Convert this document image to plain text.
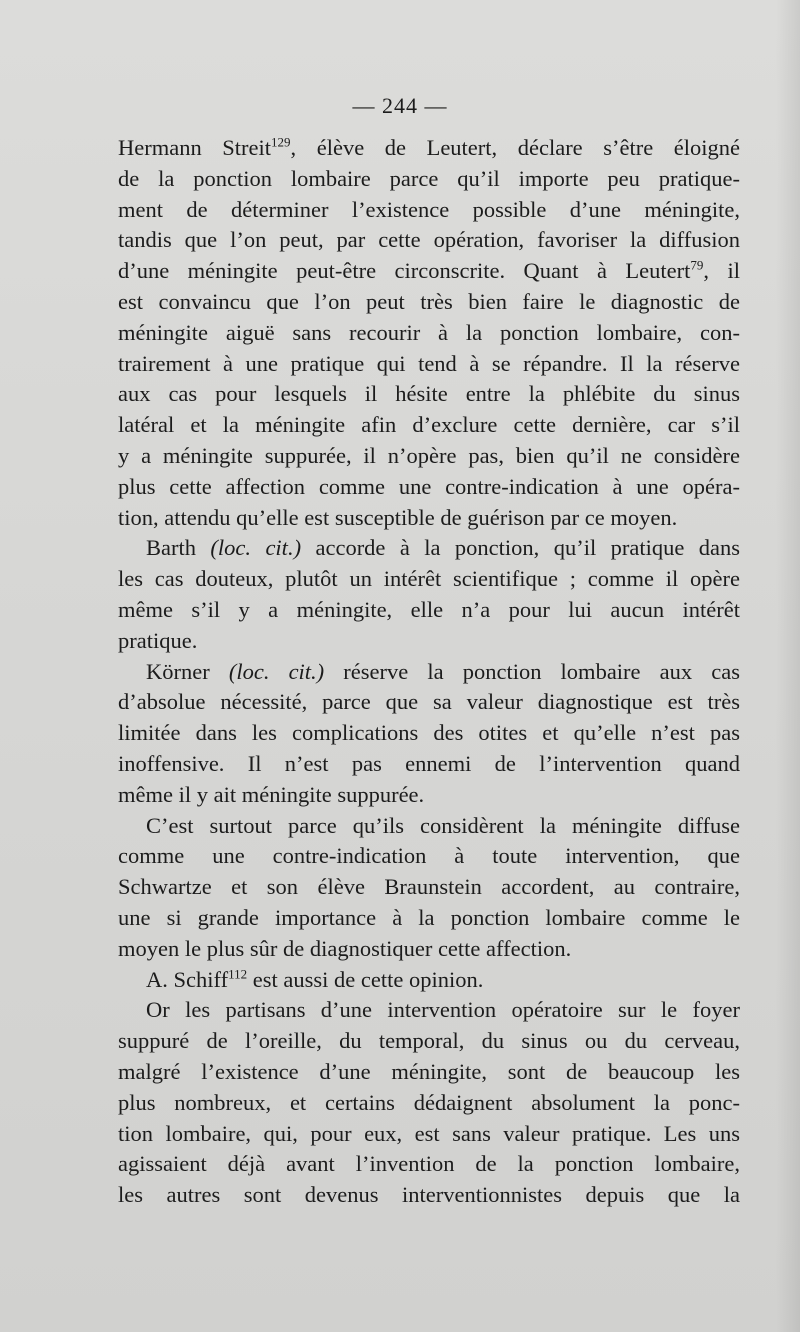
— 244 —

Hermann Streit$^{129}$, élève de Leutert, déclare s’être éloigné
de la ponction lombaire parce qu’il importe peu pratique-
ment de déterminer l’existence possible d’une méningite,
tandis que l’on peut, par cette opération, favoriser la diffusion
d’une méningite peut-être circonscrite. Quant à Leutert$^{79}$, il
est convaincu que l’on peut très bien faire le diagnostic de
méningite aiguë sans recourir à la ponction lombaire, con-
trairement à une pratique qui tend à se répandre. Il la réserve
aux cas pour lesquels il hésite entre la phlébite du sinus
latéral et la méningite afin d’exclure cette dernière, car s’il
y a méningite suppurée, il n’opère pas, bien qu’il ne considère
plus cette affection comme une contre-indication à une opéra-
tion, attendu qu’elle est susceptible de guérison par ce moyen.

Barth (loc. cit.) accorde à la ponction, qu’il pratique dans
les cas douteux, plutôt un intérêt scientifique ; comme il opère
même s’il y a méningite, elle n’a pour lui aucun intérêt
pratique.

Körner (loc. cit.) réserve la ponction lombaire aux cas
d’absolue nécessité, parce que sa valeur diagnostique est très
limitée dans les complications des otites et qu’elle n’est pas
inoffensive. Il n’est pas ennemi de l’intervention quand
même il y ait méningite suppurée.

C’est surtout parce qu’ils considèrent la méningite diffuse
comme une contre-indication à toute intervention, que
Schwartze et son élève Braunstein accordent, au contraire,
une si grande importance à la ponction lombaire comme le
moyen le plus sûr de diagnostiquer cette affection.

A. Schiff$^{112}$ est aussi de cette opinion.

Or les partisans d’une intervention opératoire sur le foyer
suppuré de l’oreille, du temporal, du sinus ou du cerveau,
malgré l’existence d’une méningite, sont de beaucoup les
plus nombreux, et certains dédaignent absolument la ponc-
tion lombaire, qui, pour eux, est sans valeur pratique. Les uns
agissaient déjà avant l’invention de la ponction lombaire,
les autres sont devenus interventionnistes depuis que la
